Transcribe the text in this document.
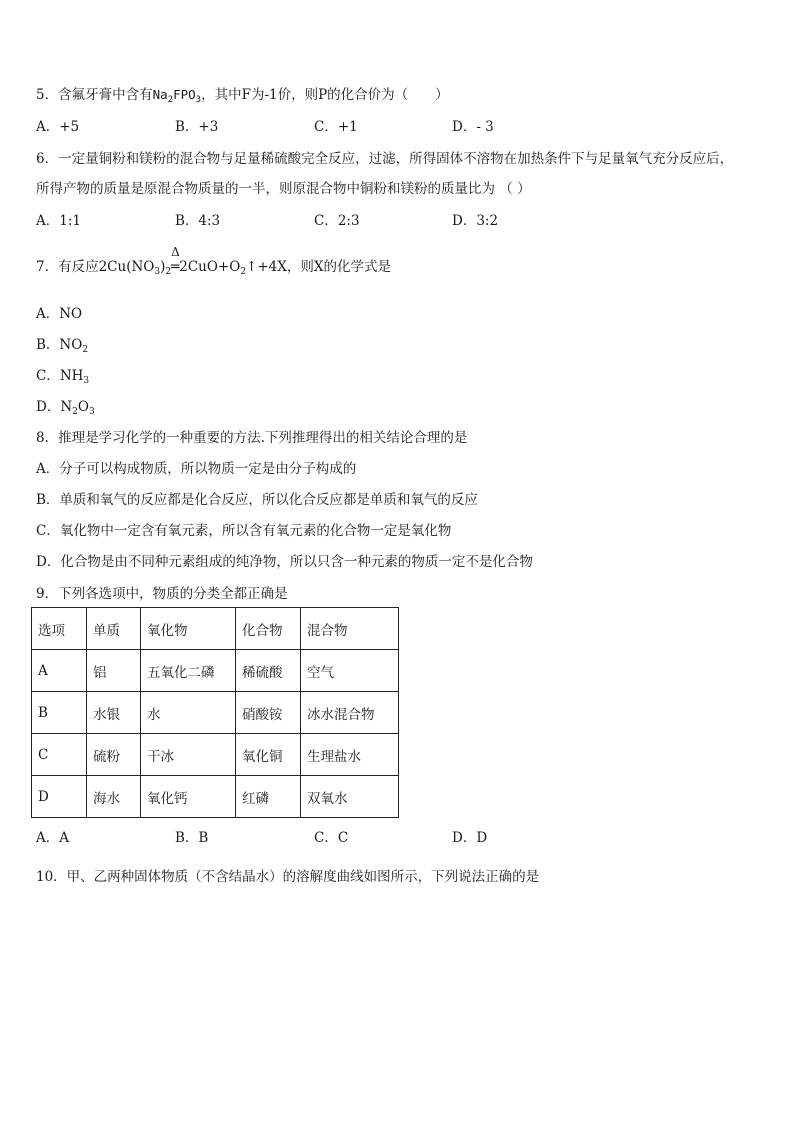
5．含氟牙膏中含有$Na_2FPO_3$，其中F为-1价，则P的化合价为（　　）
A．+5	B．+3	C．+1	D．- 3
6．一定量铜粉和镁粉的混合物与足量稀硫酸完全反应，过滤，所得固体不溶物在加热条件下与足量氧气充分反应后，
所得产物的质量是原混合物质量的一半，则原混合物中铜粉和镁粉的质量比为 （ ）
A．1:1	B．4:3	C．2:3	D．3:2
7．有反应$2Cu(NO_3)_2$
Δ
$═2CuO+O_2↑+4X$，则X的化学式是
A．NO
B．$NO_2$
C．$NH_3$
D．$N_2O_3$
8．推理是学习化学的一种重要的方法.下列推理得出的相关结论合理的是
A．分子可以构成物质，所以物质一定是由分子构成的
B．单质和氧气的反应都是化合反应，所以化合反应都是单质和氧气的反应
C．氧化物中一定含有氧元素，所以含有氧元素的化合物一定是氧化物
D．化合物是由不同种元素组成的纯净物，所以只含一种元素的物质一定不是化合物
9．下列各选项中，物质的分类全都正确是
选项	单质	氧化物	化合物	混合物
A	铝	五氧化二磷	稀硫酸	空气
B	水银	水	硝酸铵	冰水混合物
C	硫粉	干冰	氧化铜	生理盐水
D	海水	氧化钙	红磷	双氧水
A．A	B．B	C．C	D．D
10．甲、乙两种固体物质（不含结晶水）的溶解度曲线如图所示，下列说法正确的是
